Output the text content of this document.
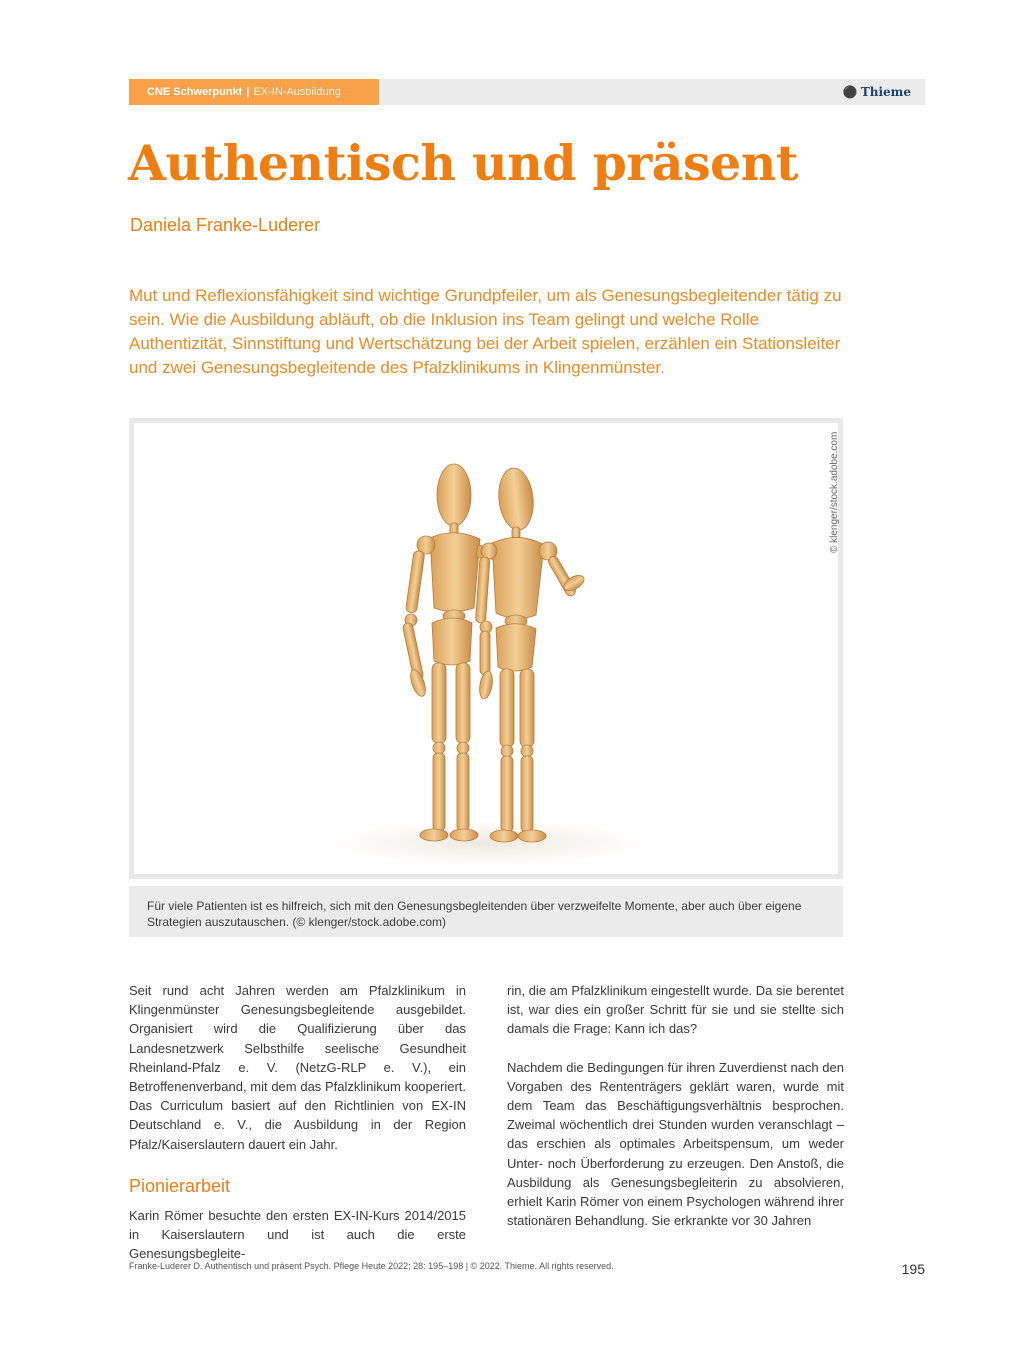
CNE Schwerpunkt | EX-IN-Ausbildung	⚫ Thieme
Authentisch und präsent
Daniela Franke-Luderer

Mut und Reflexionsfähigkeit sind wichtige Grundpfeiler, um als Genesungsbegleitender tätig zu sein. Wie die Ausbildung abläuft, ob die Inklusion ins Team gelingt und welche Rolle Authentizität, Sinnstiftung und Wertschätzung bei der Arbeit spielen, erzählen ein Stationsleiter und zwei Genesungsbegleitende des Pfalzklinikums in Klingenmünster.

© klenger/stock.adobe.com
Für viele Patienten ist es hilfreich, sich mit den Genesungsbegleitenden über verzweifelte Momente, aber auch über eigene Strategien auszutauschen. (© klenger/stock.adobe.com)

Seit rund acht Jahren werden am Pfalzklinikum in Klingenmünster Genesungsbegleitende ausgebildet. Organisiert wird die Qualifizierung über das Landesnetzwerk Selbsthilfe seelische Gesundheit Rheinland-Pfalz e. V. (NetzG-RLP e. V.), ein Betroffenenverband, mit dem das Pfalzklinikum kooperiert. Das Curriculum basiert auf den Richtlinien von EX-IN Deutschland e. V., die Ausbildung in der Region Pfalz/Kaiserslautern dauert ein Jahr.

Pionierarbeit

Karin Römer besuchte den ersten EX-IN-Kurs 2014/2015 in Kaiserslautern und ist auch die erste Genesungsbegleite-

rin, die am Pfalzklinikum eingestellt wurde. Da sie berentet ist, war dies ein großer Schritt für sie und sie stellte sich damals die Frage: Kann ich das?

Nachdem die Bedingungen für ihren Zuverdienst nach den Vorgaben des Rententrägers geklärt waren, wurde mit dem Team das Beschäftigungsverhältnis besprochen. Zweimal wöchentlich drei Stunden wurden veranschlagt – das erschien als optimales Arbeitspensum, um weder Unter- noch Überforderung zu erzeugen. Den Anstoß, die Ausbildung als Genesungsbegleiterin zu absolvieren, erhielt Karin Römer von einem Psychologen während ihrer stationären Behandlung. Sie erkrankte vor 30 Jahren

Franke-Luderer D. Authentisch und präsent Psych. Pflege Heute 2022; 28: 195–198 | © 2022. Thieme. All rights reserved.	195
